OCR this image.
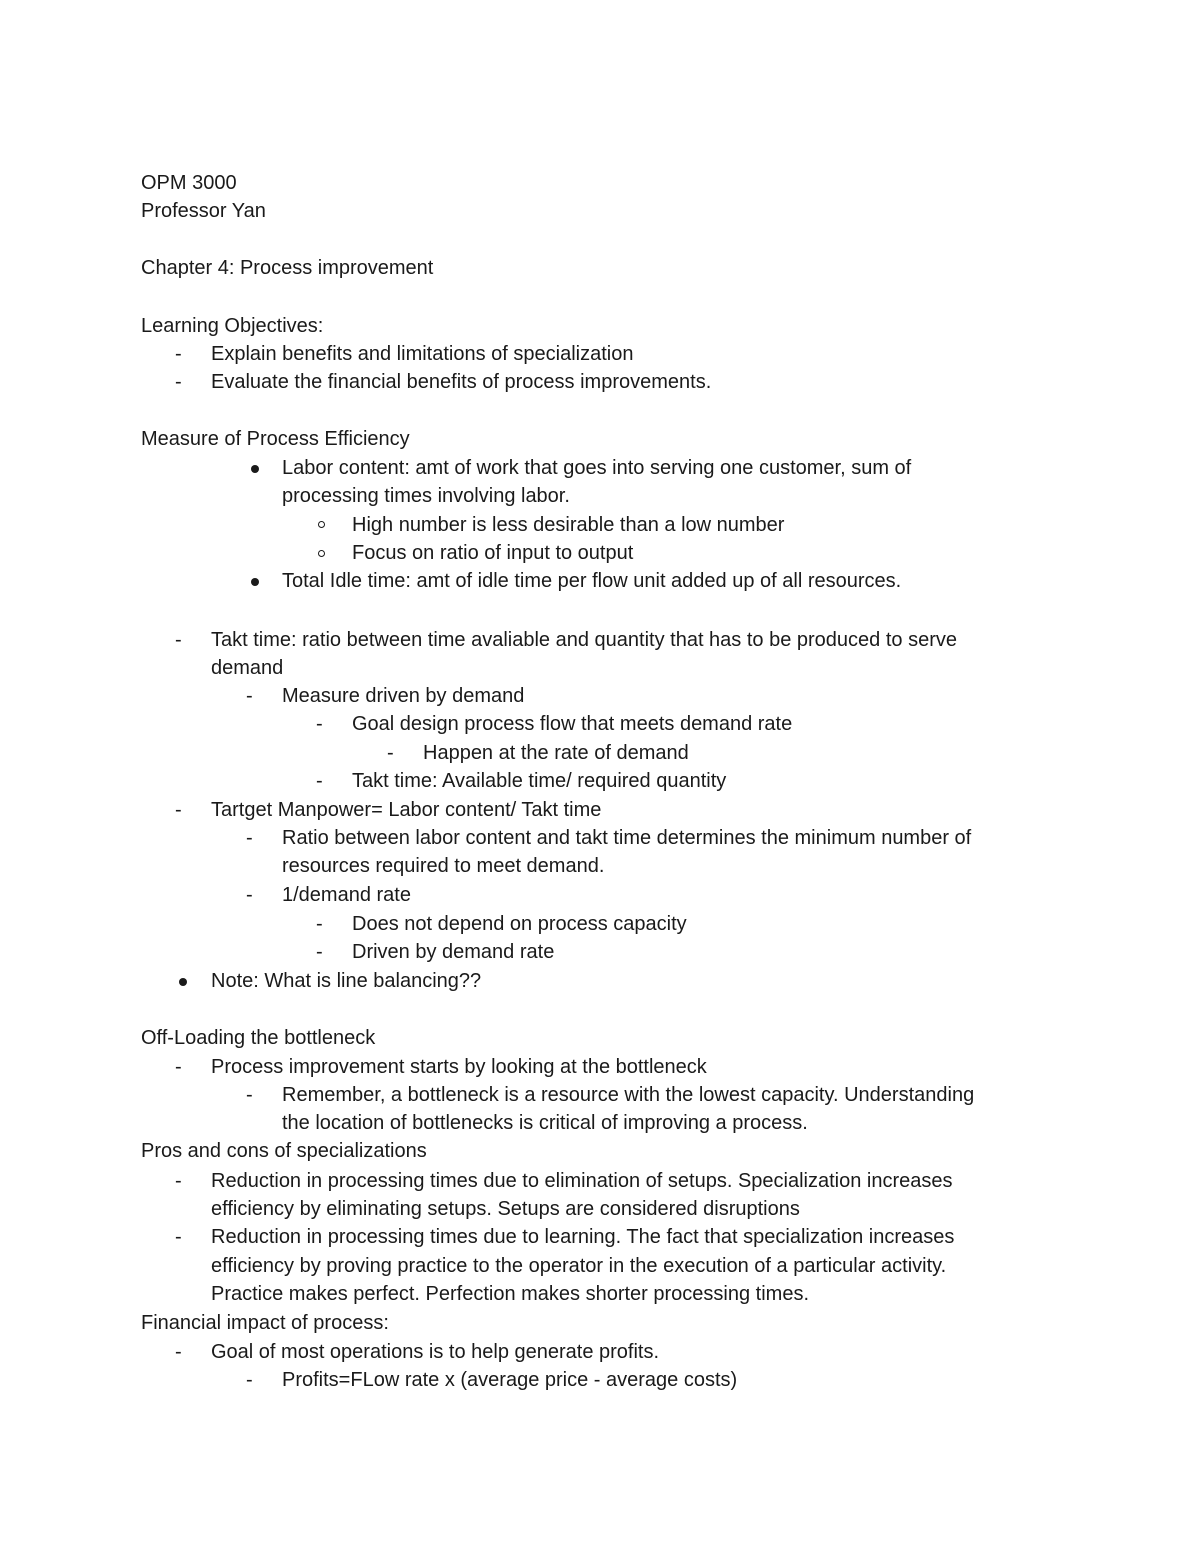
OPM 3000
Professor Yan
Chapter 4: Process improvement
Learning Objectives:
- Explain benefits and limitations of specialization
- Evaluate the financial benefits of process improvements.
Measure of Process Efficiency
Labor content: amt of work that goes into serving one customer, sum of
processing times involving labor.
High number is less desirable than a low number
Focus on ratio of input to output
Total Idle time: amt of idle time per flow unit added up of all resources.
- Takt time: ratio between time avaliable and quantity that has to be produced to serve
demand
- Measure driven by demand
- Goal design process flow that meets demand rate
- Happen at the rate of demand
- Takt time: Available time/ required quantity
- Tartget Manpower= Labor content/ Takt time
- Ratio between labor content and takt time determines the minimum number of
resources required to meet demand.
- 1/demand rate
- Does not depend on process capacity
- Driven by demand rate
Note: What is line balancing??
Off-Loading the bottleneck
- Process improvement starts by looking at the bottleneck
- Remember, a bottleneck is a resource with the lowest capacity. Understanding
the location of bottlenecks is critical of improving a process.
Pros and cons of specializations
- Reduction in processing times due to elimination of setups. Specialization increases
efficiency by eliminating setups. Setups are considered disruptions
- Reduction in processing times due to learning. The fact that specialization increases
efficiency by proving practice to the operator in the execution of a particular activity.
Practice makes perfect. Perfection makes shorter processing times.
Financial impact of process:
- Goal of most operations is to help generate profits.
- Profits=FLow rate x (average price - average costs)
